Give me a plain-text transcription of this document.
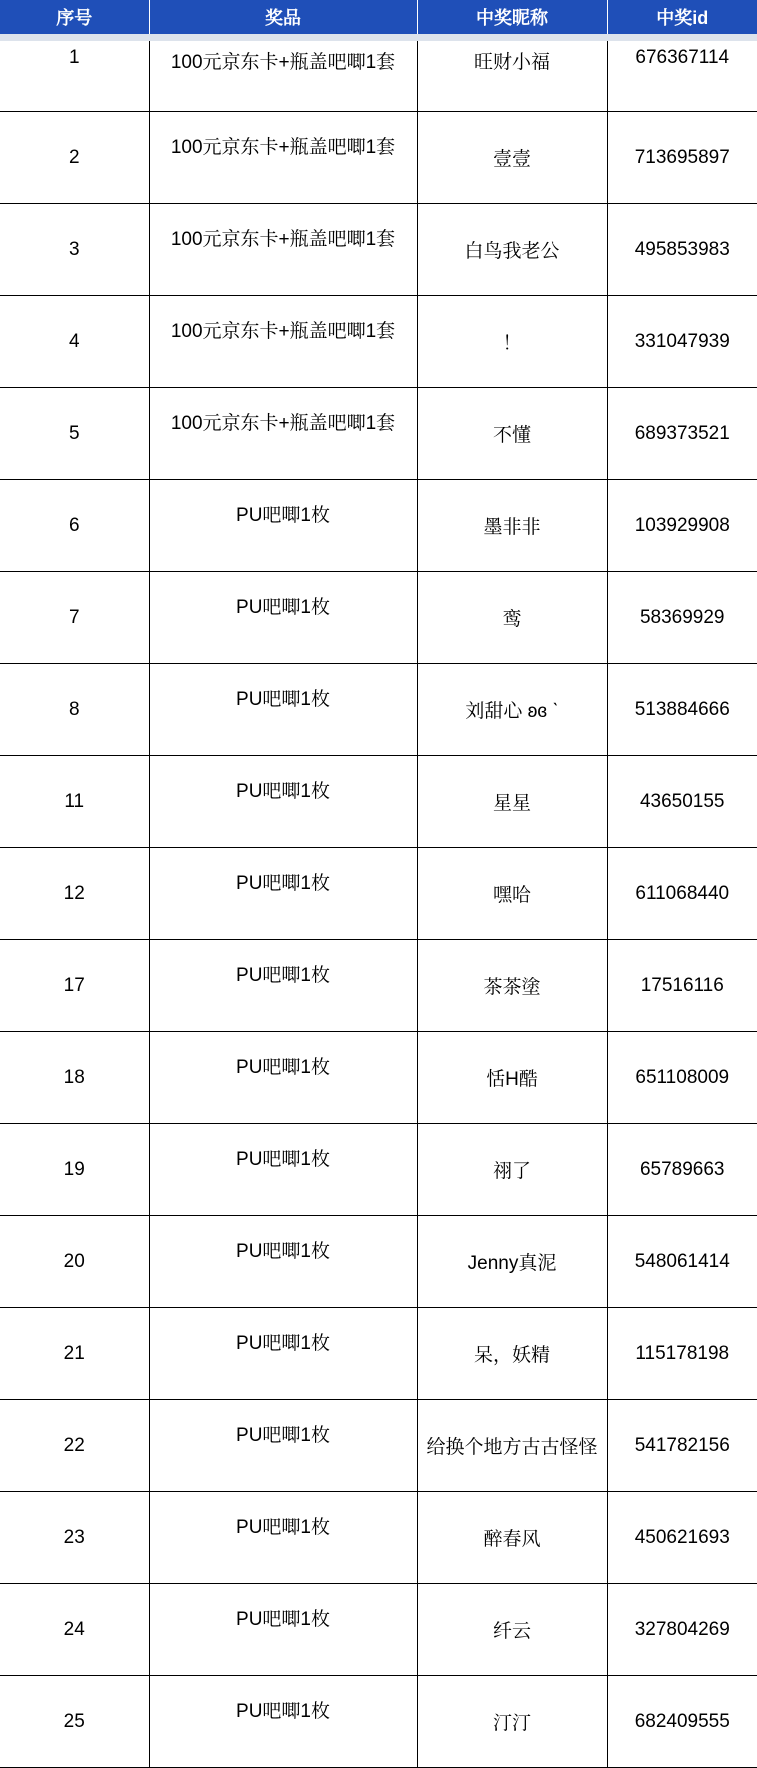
序号	奖品	中奖昵称	中奖id

1	100元京东卡+瓶盖吧唧1套	旺财小福	676367114
2	100元京东卡+瓶盖吧唧1套	壹壹	713695897
3	100元京东卡+瓶盖吧唧1套	白鸟我老公	495853983
4	100元京东卡+瓶盖吧唧1套	！	331047939
5	100元京东卡+瓶盖吧唧1套	不懂	689373521
6	PU吧唧1枚	墨非非	103929908
7	PU吧唧1枚	鸾	58369929
8	PU吧唧1枚	刘甜心 ʚɞ ˋ	513884666
11	PU吧唧1枚	星星	43650155
12	PU吧唧1枚	嘿哈	611068440
17	PU吧唧1枚	茶茶塗	17516116
18	PU吧唧1枚	恬H酷	651108009
19	PU吧唧1枚	祤了	65789663
20	PU吧唧1枚	Jenny真泥	548061414
21	PU吧唧1枚	呆，妖精	115178198
22	PU吧唧1枚	给换个地方古古怪怪	541782156
23	PU吧唧1枚	醉春风	450621693
24	PU吧唧1枚	纤云	327804269
25	PU吧唧1枚	汀汀	682409555
